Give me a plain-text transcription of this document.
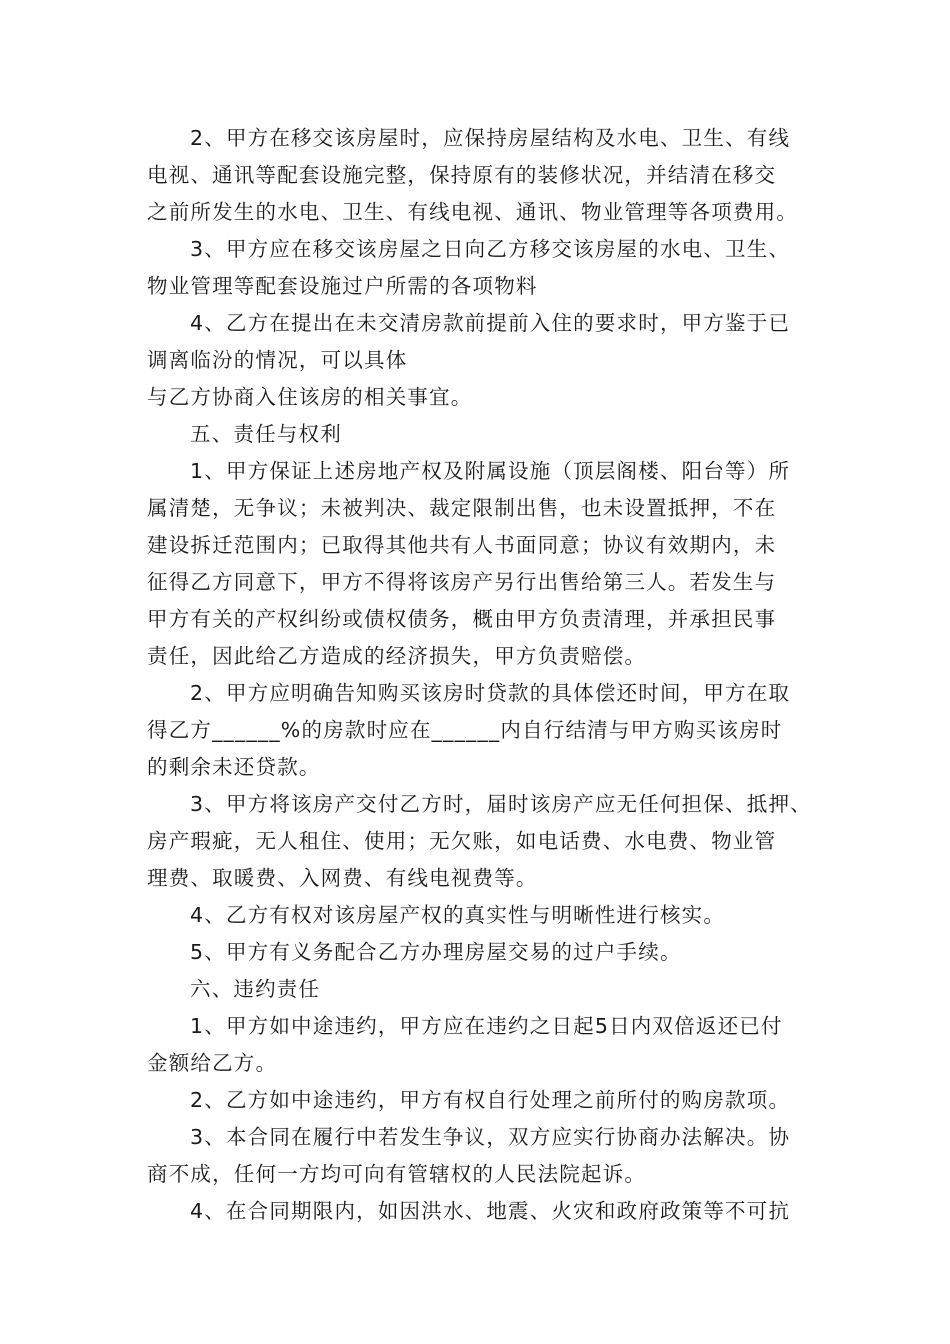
2、甲方在移交该房屋时，应保持房屋结构及水电、卫生、有线
电视、通讯等配套设施完整，保持原有的装修状况，并结清在移交
之前所发生的水电、卫生、有线电视、通讯、物业管理等各项费用。
3、甲方应在移交该房屋之日向乙方移交该房屋的水电、卫生、
物业管理等配套设施过户所需的各项物料
4、乙方在提出在未交清房款前提前入住的要求时，甲方鉴于已
调离临汾的情况，可以具体
与乙方协商入住该房的相关事宜。
五、责任与权利
1、甲方保证上述房地产权及附属设施（顶层阁楼、阳台等）所
属清楚，无争议；未被判决、裁定限制出售，也未设置抵押，不在
建设拆迁范围内；已取得其他共有人书面同意；协议有效期内，未
征得乙方同意下，甲方不得将该房产另行出售给第三人。若发生与
甲方有关的产权纠纷或债权债务，概由甲方负责清理，并承担民事
责任，因此给乙方造成的经济损失，甲方负责赔偿。
2、甲方应明确告知购买该房时贷款的具体偿还时间，甲方在取
得乙方______%的房款时应在______内自行结清与甲方购买该房时
的剩余未还贷款。
3、甲方将该房产交付乙方时，届时该房产应无任何担保、抵押、
房产瑕疵，无人租住、使用；无欠账，如电话费、水电费、物业管
理费、取暖费、入网费、有线电视费等。
4、乙方有权对该房屋产权的真实性与明晰性进行核实。
5、甲方有义务配合乙方办理房屋交易的过户手续。
六、违约责任
1、甲方如中途违约，甲方应在违约之日起5日内双倍返还已付
金额给乙方。
2、乙方如中途违约，甲方有权自行处理之前所付的购房款项。
3、本合同在履行中若发生争议，双方应实行协商办法解决。协
商不成，任何一方均可向有管辖权的人民法院起诉。
4、在合同期限内，如因洪水、地震、火灾和政府政策等不可抗
